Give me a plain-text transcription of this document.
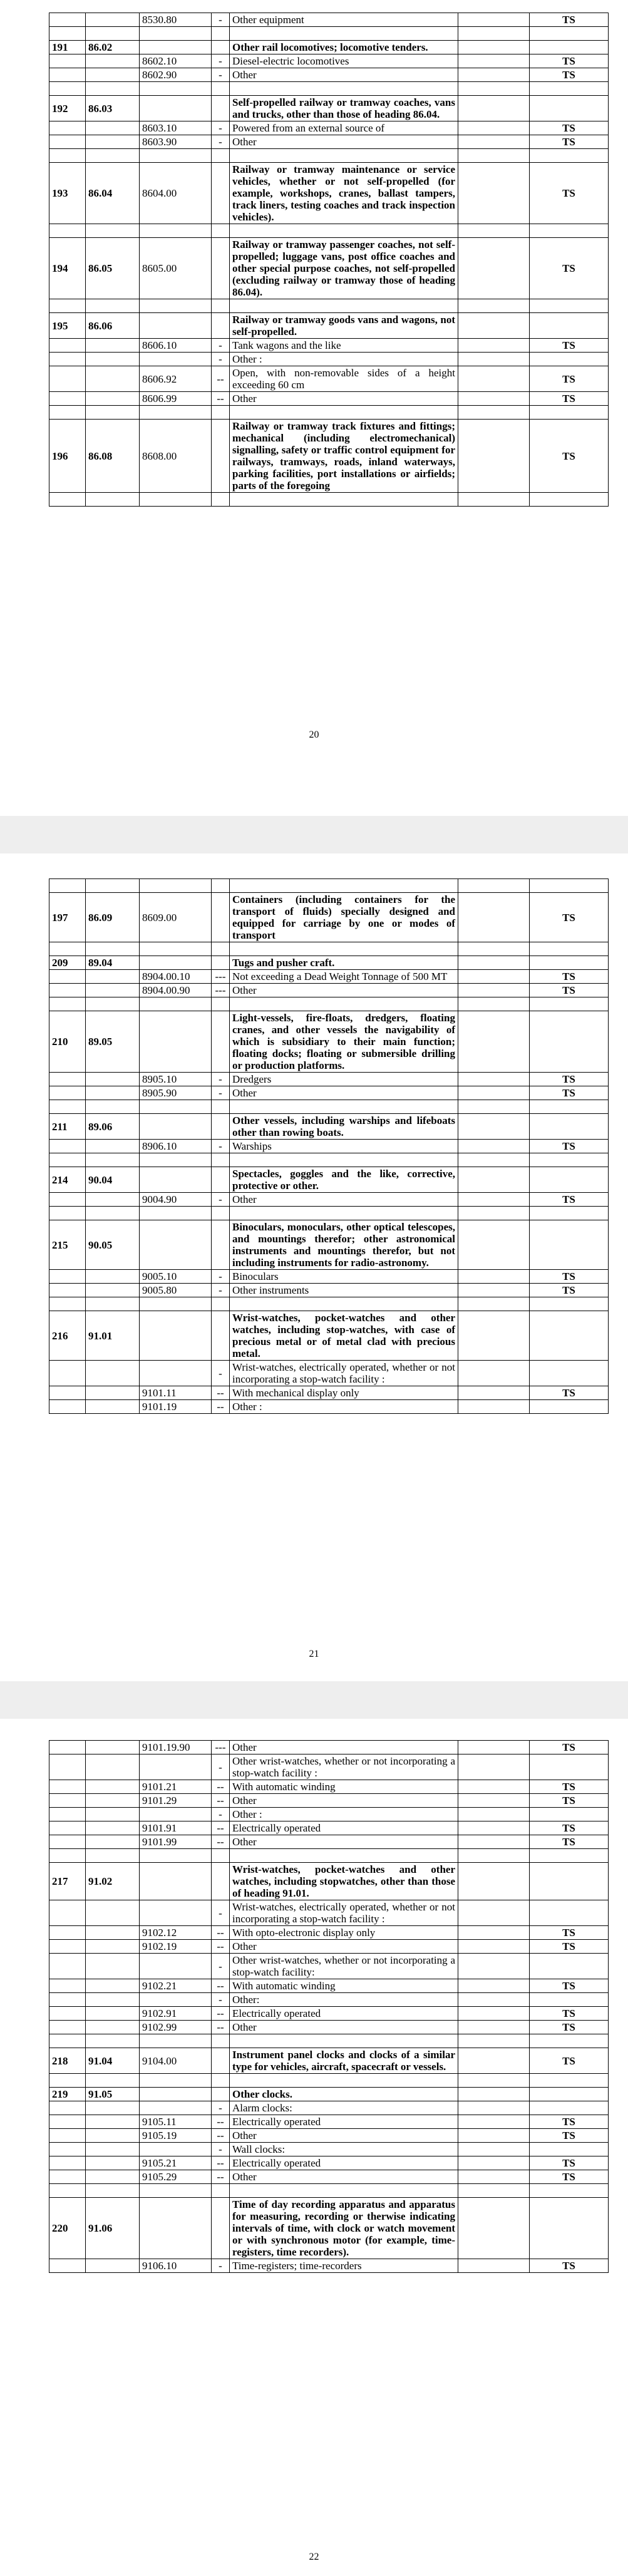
		8530.80	-	Other equipment		TS

191	86.02			Other rail locomotives; locomotive tenders.		
		8602.10	-	Diesel-electric locomotives		TS
		8602.90	-	Other		TS

192	86.03			Self-propelled railway or tramway coaches, vans and trucks, other than those of heading 86.04.		
		8603.10	-	Powered from an external source of		TS
		8603.90	-	Other		TS

193	86.04	8604.00		Railway or tramway maintenance or service vehicles, whether or not self-propelled (for example, workshops, cranes, ballast tampers, track liners, testing coaches and track inspection vehicles).		TS

194	86.05	8605.00		Railway or tramway passenger coaches, not self-propelled; luggage vans, post office coaches and other special purpose coaches, not self-propelled (excluding railway or tramway those of heading 86.04).		TS

195	86.06			Railway or tramway goods vans and wagons, not self-propelled.		
		8606.10	-	Tank wagons and the like		TS
			-	Other :		
		8606.92	--	Open, with non-removable sides of a height exceeding 60 cm		TS
		8606.99	--	Other		TS

196	86.08	8608.00		Railway or tramway track fixtures and fittings; mechanical (including electromechanical) signalling, safety or traffic control equipment for railways, tramways, roads, inland waterways, parking facilities, port installations or airfields; parts of the foregoing		TS

20

197	86.09	8609.00		Containers (including containers for the transport of fluids) specially designed and equipped for carriage by one or modes of transport		TS

209	89.04			Tugs and pusher craft.		
		8904.00.10	---	Not exceeding a Dead Weight Tonnage of 500 MT		TS
		8904.00.90	---	Other		TS

210	89.05			Light-vessels, fire-floats, dredgers, floating cranes, and other vessels the navigability of which is subsidiary to their main function; floating docks; floating or submersible drilling or production platforms.		
		8905.10	-	Dredgers		TS
		8905.90	-	Other		TS

211	89.06			Other vessels, including warships and lifeboats other than rowing boats.		
		8906.10	-	Warships		TS

214	90.04			Spectacles, goggles and the like, corrective, protective or other.		
		9004.90	-	Other		TS

215	90.05			Binoculars, monoculars, other optical telescopes, and mountings therefor; other astronomical instruments and mountings therefor, but not including instruments for radio-astronomy.		
		9005.10	-	Binoculars		TS
		9005.80	-	Other instruments		TS

216	91.01			Wrist-watches, pocket-watches and other watches, including stop-watches, with case of precious metal or of metal clad with precious metal.		
			-	Wrist-watches, electrically operated, whether or not incorporating a stop-watch facility :		
		9101.11	--	With mechanical display only		TS
		9101.19	--	Other :		
21
		9101.19.90	---	Other		TS
			-	Other wrist-watches, whether or not incorporating a stop-watch facility :		
		9101.21	--	With automatic winding		TS
		9101.29	--	Other		TS
			-	Other :		
		9101.91	--	Electrically operated		TS
		9101.99	--	Other		TS

217	91.02			Wrist-watches, pocket-watches and other watches, including stopwatches, other than those of heading 91.01.		
			-	Wrist-watches, electrically operated, whether or not incorporating a stop-watch facility :		
		9102.12	--	With opto-electronic display only		TS
		9102.19	--	Other		TS
			-	Other wrist-watches, whether or not incorporating a stop-watch facility:		
		9102.21	--	With automatic winding		TS
			-	Other:		
		9102.91	--	Electrically operated		TS
		9102.99	--	Other		TS

218	91.04	9104.00		Instrument panel clocks and clocks of a similar type for vehicles, aircraft, spacecraft or vessels.		TS

219	91.05			Other clocks.		
			-	Alarm clocks:		
		9105.11	--	Electrically operated		TS
		9105.19	--	Other		TS
			-	Wall clocks:		
		9105.21	--	Electrically operated		TS
		9105.29	--	Other		TS

220	91.06			Time of day recording apparatus and apparatus for measuring, recording or therwise indicating intervals of time, with clock or watch movement or with synchronous motor (for example, time-registers, time recorders).		
		9106.10	-	Time-registers; time-recorders		TS
22
